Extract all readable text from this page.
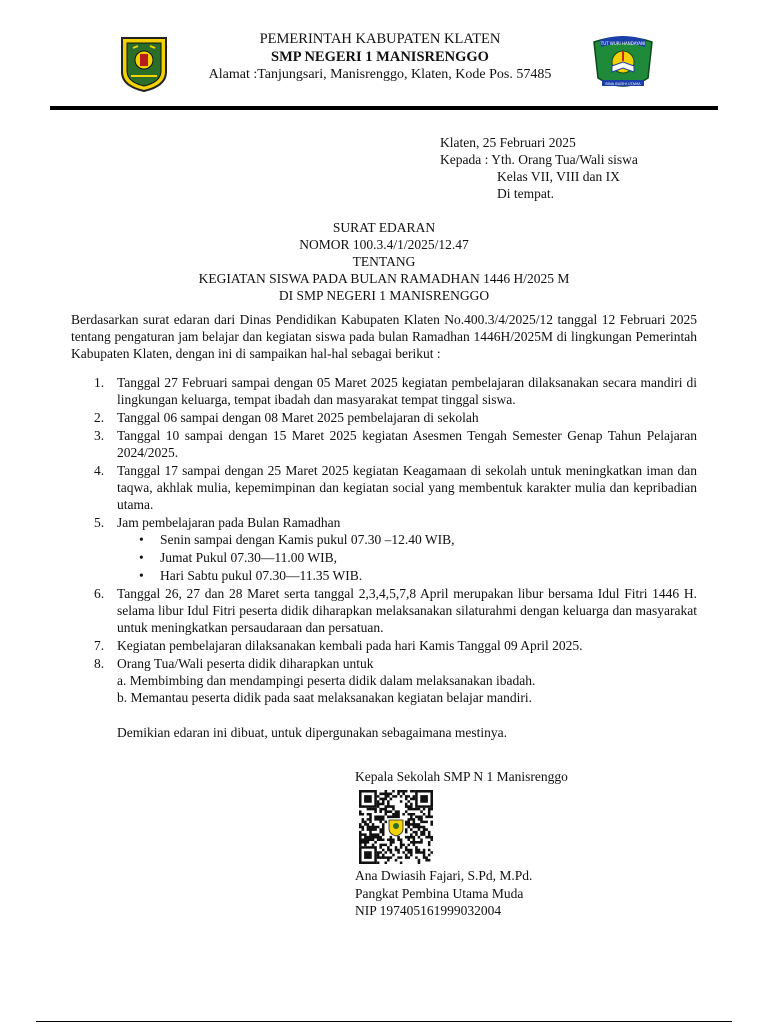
PEMERINTAH KABUPATEN KLATEN
SMP NEGERI 1 MANISRENGGO
Alamat :Tanjungsari, Manisrenggo, Klaten, Kode Pos. 57485
TUT WURI HANDAYANI
BINA BUDHI UTAMA
Klaten, 25 Februari 2025
Kepada : Yth. Orang Tua/Wali siswa
Kelas VII, VIII dan IX
Di tempat.
SURAT EDARAN
NOMOR 100.3.4/1/2025/12.47
TENTANG
KEGIATAN SISWA PADA BULAN RAMADHAN 1446 H/2025 M
DI SMP NEGERI 1 MANISRENGGO

Berdasarkan surat edaran dari Dinas Pendidikan Kabupaten Klaten No.400.3/4/2025/12 tanggal 12 Februari 2025 tentang pengaturan jam belajar dan kegiatan siswa pada bulan Ramadhan 1446H/2025M di lingkungan Pemerintah Kabupaten Klaten, dengan ini di sampaikan hal-hal sebagai berikut :

1. Tanggal 27 Februari sampai dengan 05 Maret 2025 kegiatan pembelajaran dilaksanakan secara mandiri di lingkungan keluarga, tempat ibadah dan masyarakat tempat tinggal siswa.
2. Tanggal 06 sampai dengan 08 Maret 2025 pembelajaran di sekolah
3. Tanggal 10 sampai dengan 15 Maret 2025 kegiatan Asesmen Tengah Semester Genap Tahun Pelajaran 2024/2025.
4. Tanggal 17 sampai dengan 25 Maret 2025 kegiatan Keagamaan di sekolah untuk meningkatkan iman dan taqwa, akhlak mulia, kepemimpinan dan kegiatan social yang membentuk karakter mulia dan kepribadian utama.
5. Jam pembelajaran pada Bulan Ramadhan
• Senin sampai dengan Kamis pukul 07.30 –12.40 WIB,
• Jumat Pukul 07.30—11.00 WIB,
• Hari Sabtu pukul 07.30—11.35 WIB.
6. Tanggal 26, 27 dan 28 Maret serta tanggal 2,3,4,5,7,8 April merupakan libur bersama Idul Fitri 1446 H. selama libur Idul Fitri peserta didik diharapkan melaksanakan silaturahmi dengan keluarga dan masyarakat untuk meningkatkan persaudaraan dan persatuan.
7. Kegiatan pembelajaran dilaksanakan kembali pada hari Kamis Tanggal 09 April 2025.
8. Orang Tua/Wali peserta didik diharapkan untuk
a. Membimbing dan mendampingi peserta didik dalam melaksanakan ibadah.
b. Memantau peserta didik pada saat melaksanakan kegiatan belajar mandiri.
Demikian edaran ini dibuat, untuk dipergunakan sebagaimana mestinya.
Kepala Sekolah SMP N 1 Manisrenggo
Ana Dwiasih Fajari, S.Pd, M.Pd.
Pangkat Pembina Utama Muda
NIP 197405161999032004
